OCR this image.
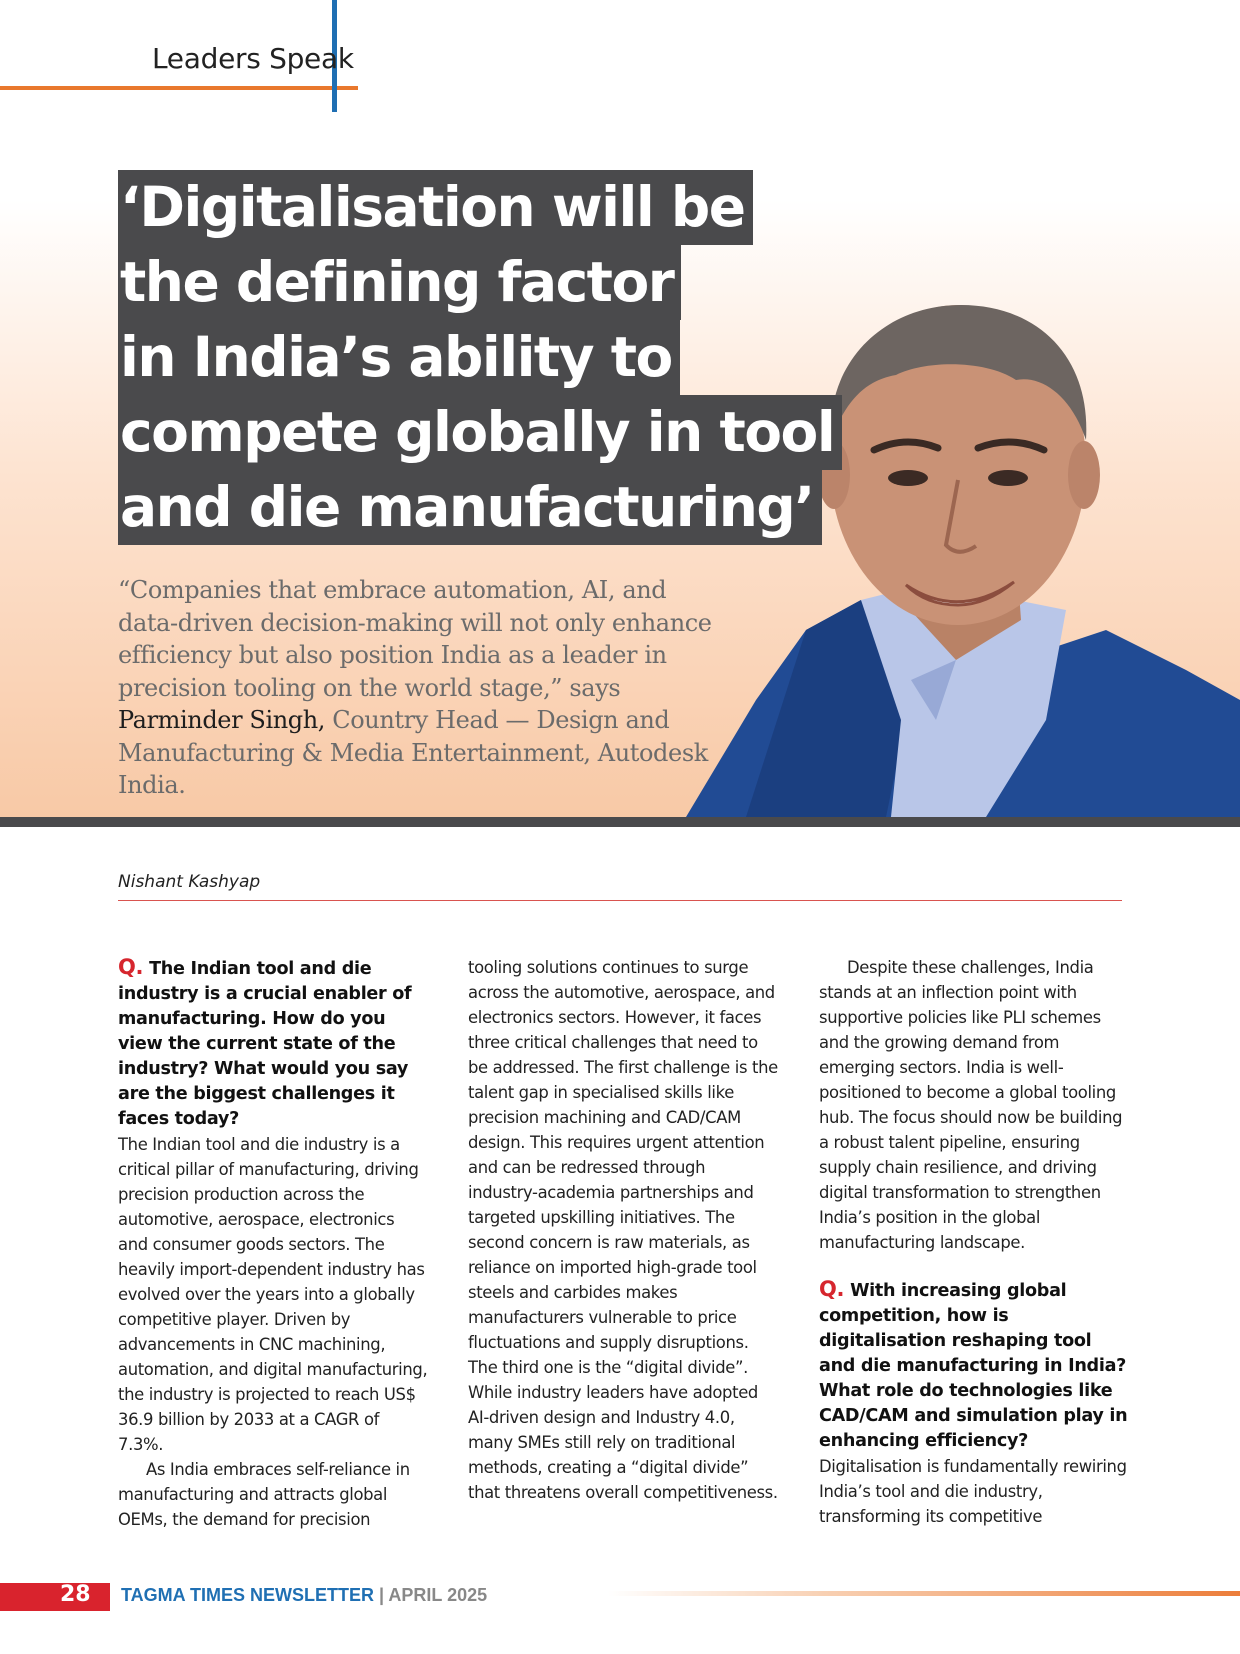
Leaders Speak
‘Digitalisation will be
the defining factor
in India’s ability to
compete globally in tool
and die manufacturing’
“Companies that embrace automation, AI, and data-driven decision-making will not only enhance efficiency but also position India as a leader in precision tooling on the world stage,” says Parminder Singh, Country Head — Design and Manufacturing & Media Entertainment, Autodesk India.
Nishant Kashyap
Q. The Indian tool and die industry is a crucial enabler of manufacturing. How do you view the current state of the industry? What would you say are the biggest challenges it faces today?
The Indian tool and die industry is a critical pillar of manufacturing, driving precision production across the automotive, aerospace, electronics and consumer goods sectors. The heavily import-dependent industry has evolved over the years into a globally competitive player. Driven by advancements in CNC machining, automation, and digital manufacturing, the industry is projected to reach US$ 36.9 billion by 2033 at a CAGR of 7.3%.
As India embraces self-reliance in manufacturing and attracts global OEMs, the demand for precision
tooling solutions continues to surge across the automotive, aerospace, and electronics sectors. However, it faces three critical challenges that need to be addressed. The first challenge is the talent gap in specialised skills like precision machining and CAD/CAM design. This requires urgent attention and can be redressed through industry-academia partnerships and targeted upskilling initiatives. The second concern is raw materials, as reliance on imported high-grade tool steels and carbides makes manufacturers vulnerable to price fluctuations and supply disruptions. The third one is the “digital divide”. While industry leaders have adopted AI-driven design and Industry 4.0, many SMEs still rely on traditional methods, creating a “digital divide” that threatens overall competitiveness.
Despite these challenges, India stands at an inflection point with supportive policies like PLI schemes and the growing demand from emerging sectors. India is well-positioned to become a global tooling hub. The focus should now be building a robust talent pipeline, ensuring supply chain resilience, and driving digital transformation to strengthen India’s position in the global manufacturing landscape.
Q. With increasing global competition, how is digitalisation reshaping tool and die manufacturing in India? What role do technologies like CAD/CAM and simulation play in enhancing efficiency?
Digitalisation is fundamentally rewiring India’s tool and die industry, transforming its competitive
28 TAGMA TIMES NEWSLETTER | APRIL 2025
